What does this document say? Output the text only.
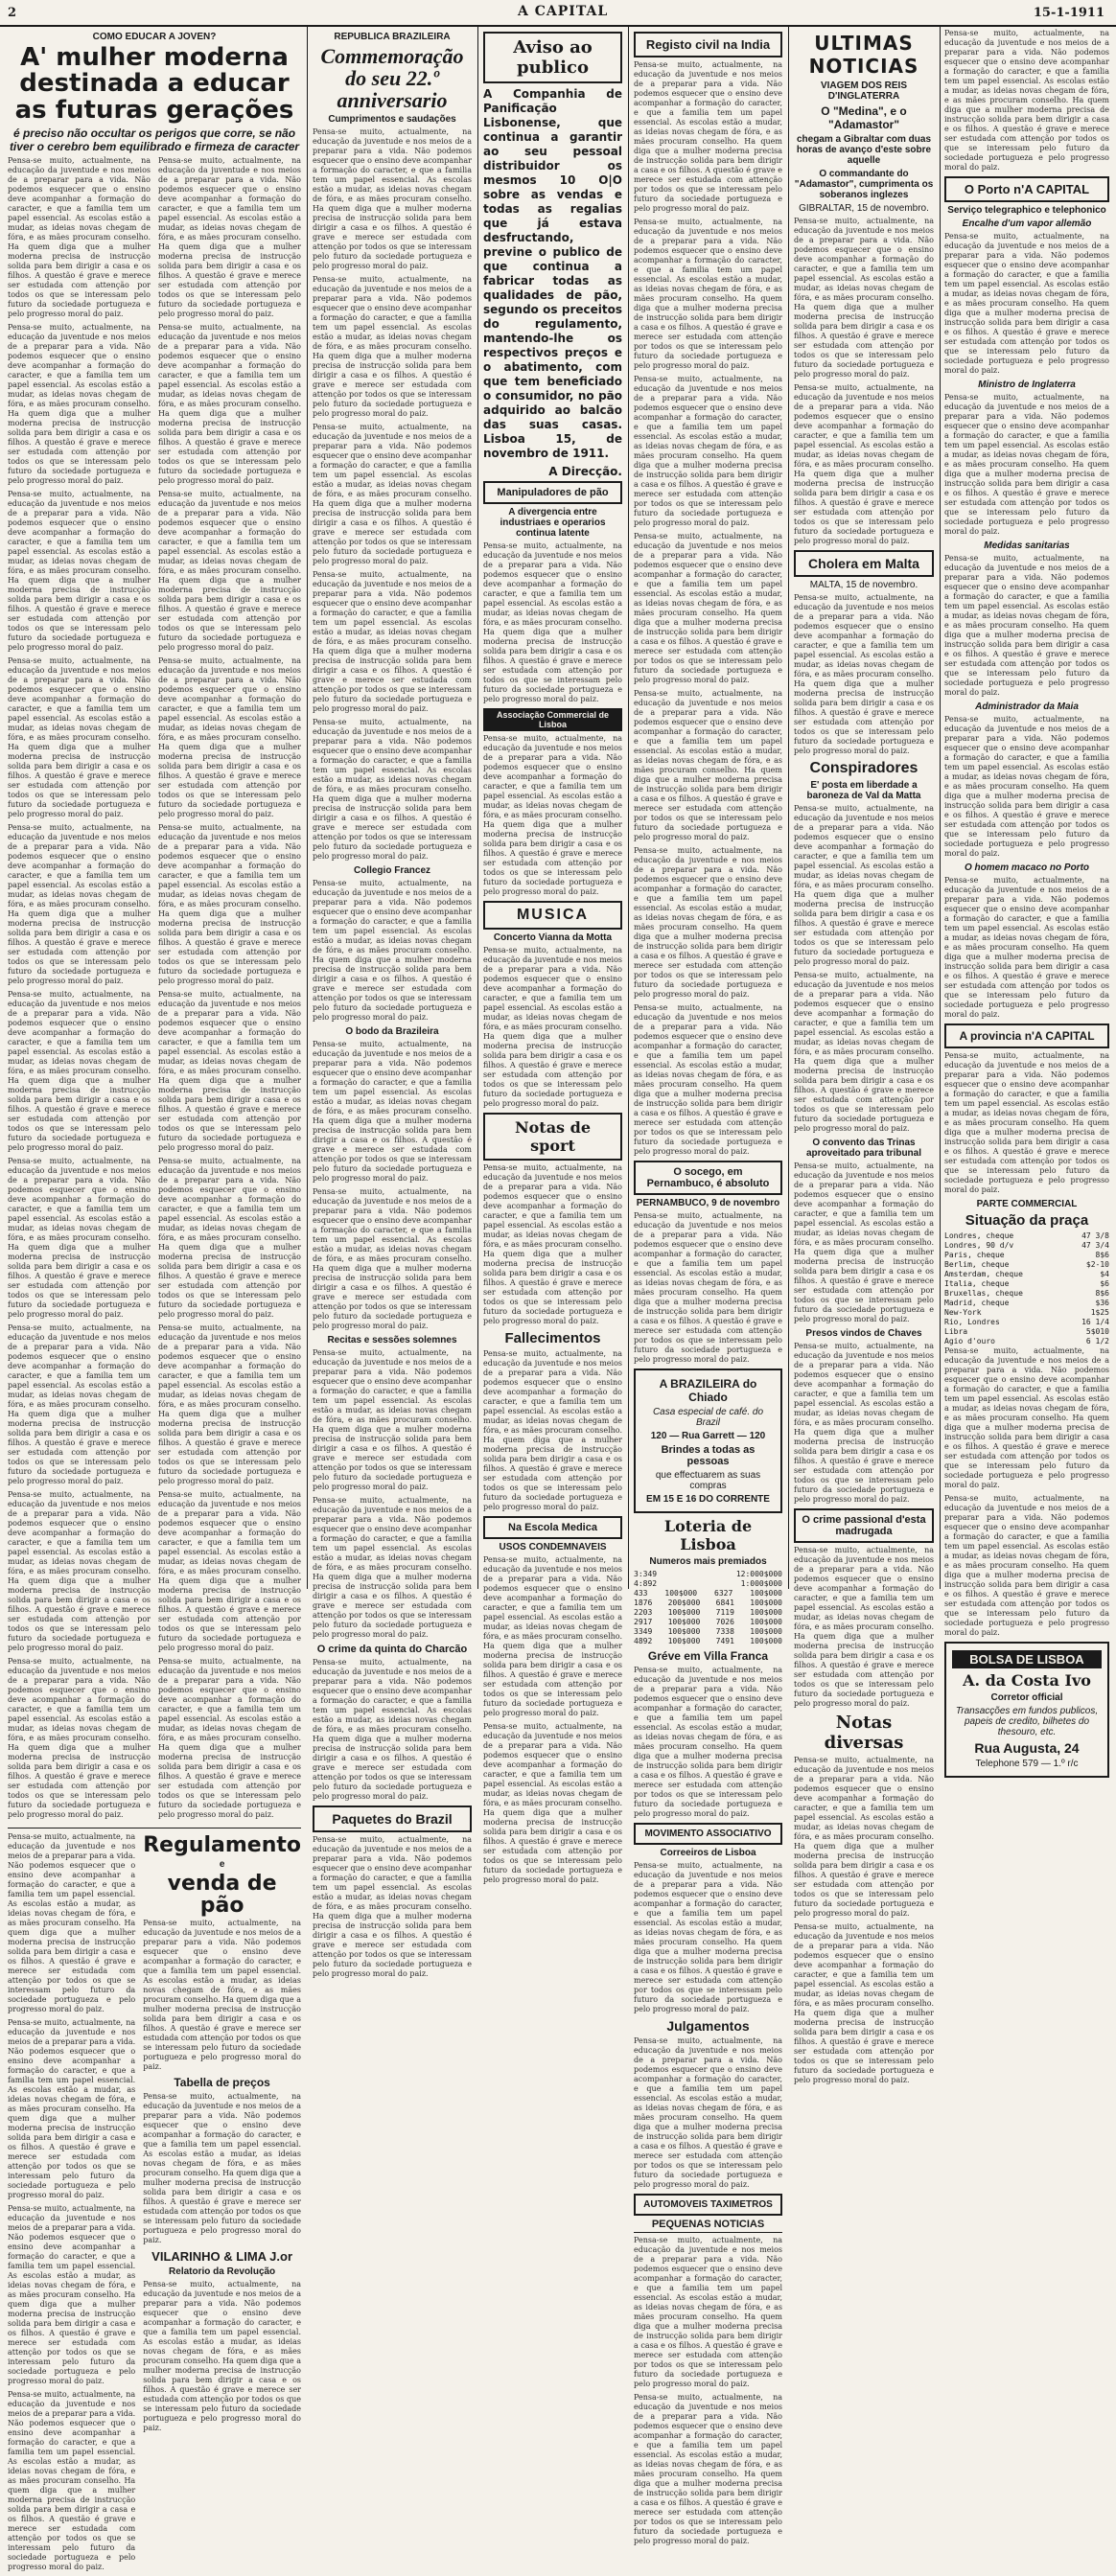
2	A CAPITAL	15-1-1911
COMO EDUCAR A JOVEN?
A' mulher moderna destinada a educar as futuras gerações
é preciso não occultar os perigos que corre, se não tiver o cerebro bem equilibrado e firmeza de caracter

Pensa-se muito, actualmente, na educação da juventude e nos meios de a preparar para a vida. Não podemos esquecer que o ensino deve acompanhar a formação do caracter, e que a familia tem um papel essencial. As escolas estão a mudar, as ideias novas chegam de fóra, e as mães procuram conselho. Ha quem diga que a mulher moderna precisa de instrucção solida para bem dirigir a casa e os filhos. A questão é grave e merece ser estudada com attenção por todos os que se interessam pelo futuro da sociedade portugueza e pelo progresso moral do paiz.

Pensa-se muito, actualmente, na educação da juventude e nos meios de a preparar para a vida. Não podemos esquecer que o ensino deve acompanhar a formação do caracter, e que a familia tem um papel essencial. As escolas estão a mudar, as ideias novas chegam de fóra, e as mães procuram conselho. Ha quem diga que a mulher moderna precisa de instrucção solida para bem dirigir a casa e os filhos. A questão é grave e merece ser estudada com attenção por todos os que se interessam pelo futuro da sociedade portugueza e pelo progresso moral do paiz.

Pensa-se muito, actualmente, na educação da juventude e nos meios de a preparar para a vida. Não podemos esquecer que o ensino deve acompanhar a formação do caracter, e que a familia tem um papel essencial. As escolas estão a mudar, as ideias novas chegam de fóra, e as mães procuram conselho. Ha quem diga que a mulher moderna precisa de instrucção solida para bem dirigir a casa e os filhos. A questão é grave e merece ser estudada com attenção por todos os que se interessam pelo futuro da sociedade portugueza e pelo progresso moral do paiz.

Pensa-se muito, actualmente, na educação da juventude e nos meios de a preparar para a vida. Não podemos esquecer que o ensino deve acompanhar a formação do caracter, e que a familia tem um papel essencial. As escolas estão a mudar, as ideias novas chegam de fóra, e as mães procuram conselho. Ha quem diga que a mulher moderna precisa de instrucção solida para bem dirigir a casa e os filhos. A questão é grave e merece ser estudada com attenção por todos os que se interessam pelo futuro da sociedade portugueza e pelo progresso moral do paiz.

Pensa-se muito, actualmente, na educação da juventude e nos meios de a preparar para a vida. Não podemos esquecer que o ensino deve acompanhar a formação do caracter, e que a familia tem um papel essencial. As escolas estão a mudar, as ideias novas chegam de fóra, e as mães procuram conselho. Ha quem diga que a mulher moderna precisa de instrucção solida para bem dirigir a casa e os filhos. A questão é grave e merece ser estudada com attenção por todos os que se interessam pelo futuro da sociedade portugueza e pelo progresso moral do paiz.

Pensa-se muito, actualmente, na educação da juventude e nos meios de a preparar para a vida. Não podemos esquecer que o ensino deve acompanhar a formação do caracter, e que a familia tem um papel essencial. As escolas estão a mudar, as ideias novas chegam de fóra, e as mães procuram conselho. Ha quem diga que a mulher moderna precisa de instrucção solida para bem dirigir a casa e os filhos. A questão é grave e merece ser estudada com attenção por todos os que se interessam pelo futuro da sociedade portugueza e pelo progresso moral do paiz.

Pensa-se muito, actualmente, na educação da juventude e nos meios de a preparar para a vida. Não podemos esquecer que o ensino deve acompanhar a formação do caracter, e que a familia tem um papel essencial. As escolas estão a mudar, as ideias novas chegam de fóra, e as mães procuram conselho. Ha quem diga que a mulher moderna precisa de instrucção solida para bem dirigir a casa e os filhos. A questão é grave e merece ser estudada com attenção por todos os que se interessam pelo futuro da sociedade portugueza e pelo progresso moral do paiz.

Pensa-se muito, actualmente, na educação da juventude e nos meios de a preparar para a vida. Não podemos esquecer que o ensino deve acompanhar a formação do caracter, e que a familia tem um papel essencial. As escolas estão a mudar, as ideias novas chegam de fóra, e as mães procuram conselho. Ha quem diga que a mulher moderna precisa de instrucção solida para bem dirigir a casa e os filhos. A questão é grave e merece ser estudada com attenção por todos os que se interessam pelo futuro da sociedade portugueza e pelo progresso moral do paiz.

Pensa-se muito, actualmente, na educação da juventude e nos meios de a preparar para a vida. Não podemos esquecer que o ensino deve acompanhar a formação do caracter, e que a familia tem um papel essencial. As escolas estão a mudar, as ideias novas chegam de fóra, e as mães procuram conselho. Ha quem diga que a mulher moderna precisa de instrucção solida para bem dirigir a casa e os filhos. A questão é grave e merece ser estudada com attenção por todos os que se interessam pelo futuro da sociedade portugueza e pelo progresso moral do paiz.

Pensa-se muito, actualmente, na educação da juventude e nos meios de a preparar para a vida. Não podemos esquecer que o ensino deve acompanhar a formação do caracter, e que a familia tem um papel essencial. As escolas estão a mudar, as ideias novas chegam de fóra, e as mães procuram conselho. Ha quem diga que a mulher moderna precisa de instrucção solida para bem dirigir a casa e os filhos. A questão é grave e merece ser estudada com attenção por todos os que se interessam pelo futuro da sociedade portugueza e pelo progresso moral do paiz.

Pensa-se muito, actualmente, na educação da juventude e nos meios de a preparar para a vida. Não podemos esquecer que o ensino deve acompanhar a formação do caracter, e que a familia tem um papel essencial. As escolas estão a mudar, as ideias novas chegam de fóra, e as mães procuram conselho. Ha quem diga que a mulher moderna precisa de instrucção solida para bem dirigir a casa e os filhos. A questão é grave e merece ser estudada com attenção por todos os que se interessam pelo futuro da sociedade portugueza e pelo progresso moral do paiz.

Pensa-se muito, actualmente, na educação da juventude e nos meios de a preparar para a vida. Não podemos esquecer que o ensino deve acompanhar a formação do caracter, e que a familia tem um papel essencial. As escolas estão a mudar, as ideias novas chegam de fóra, e as mães procuram conselho. Ha quem diga que a mulher moderna precisa de instrucção solida para bem dirigir a casa e os filhos. A questão é grave e merece ser estudada com attenção por todos os que se interessam pelo futuro da sociedade portugueza e pelo progresso moral do paiz.

Pensa-se muito, actualmente, na educação da juventude e nos meios de a preparar para a vida. Não podemos esquecer que o ensino deve acompanhar a formação do caracter, e que a familia tem um papel essencial. As escolas estão a mudar, as ideias novas chegam de fóra, e as mães procuram conselho. Ha quem diga que a mulher moderna precisa de instrucção solida para bem dirigir a casa e os filhos. A questão é grave e merece ser estudada com attenção por todos os que se interessam pelo futuro da sociedade portugueza e pelo progresso moral do paiz.

Pensa-se muito, actualmente, na educação da juventude e nos meios de a preparar para a vida. Não podemos esquecer que o ensino deve acompanhar a formação do caracter, e que a familia tem um papel essencial. As escolas estão a mudar, as ideias novas chegam de fóra, e as mães procuram conselho. Ha quem diga que a mulher moderna precisa de instrucção solida para bem dirigir a casa e os filhos. A questão é grave e merece ser estudada com attenção por todos os que se interessam pelo futuro da sociedade portugueza e pelo progresso moral do paiz.

Pensa-se muito, actualmente, na educação da juventude e nos meios de a preparar para a vida. Não podemos esquecer que o ensino deve acompanhar a formação do caracter, e que a familia tem um papel essencial. As escolas estão a mudar, as ideias novas chegam de fóra, e as mães procuram conselho. Ha quem diga que a mulher moderna precisa de instrucção solida para bem dirigir a casa e os filhos. A questão é grave e merece ser estudada com attenção por todos os que se interessam pelo futuro da sociedade portugueza e pelo progresso moral do paiz.

Pensa-se muito, actualmente, na educação da juventude e nos meios de a preparar para a vida. Não podemos esquecer que o ensino deve acompanhar a formação do caracter, e que a familia tem um papel essencial. As escolas estão a mudar, as ideias novas chegam de fóra, e as mães procuram conselho. Ha quem diga que a mulher moderna precisa de instrucção solida para bem dirigir a casa e os filhos. A questão é grave e merece ser estudada com attenção por todos os que se interessam pelo futuro da sociedade portugueza e pelo progresso moral do paiz.

Pensa-se muito, actualmente, na educação da juventude e nos meios de a preparar para a vida. Não podemos esquecer que o ensino deve acompanhar a formação do caracter, e que a familia tem um papel essencial. As escolas estão a mudar, as ideias novas chegam de fóra, e as mães procuram conselho. Ha quem diga que a mulher moderna precisa de instrucção solida para bem dirigir a casa e os filhos. A questão é grave e merece ser estudada com attenção por todos os que se interessam pelo futuro da sociedade portugueza e pelo progresso moral do paiz.

Pensa-se muito, actualmente, na educação da juventude e nos meios de a preparar para a vida. Não podemos esquecer que o ensino deve acompanhar a formação do caracter, e que a familia tem um papel essencial. As escolas estão a mudar, as ideias novas chegam de fóra, e as mães procuram conselho. Ha quem diga que a mulher moderna precisa de instrucção solida para bem dirigir a casa e os filhos. A questão é grave e merece ser estudada com attenção por todos os que se interessam pelo futuro da sociedade portugueza e pelo progresso moral do paiz.

Pensa-se muito, actualmente, na educação da juventude e nos meios de a preparar para a vida. Não podemos esquecer que o ensino deve acompanhar a formação do caracter, e que a familia tem um papel essencial. As escolas estão a mudar, as ideias novas chegam de fóra, e as mães procuram conselho. Ha quem diga que a mulher moderna precisa de instrucção solida para bem dirigir a casa e os filhos. A questão é grave e merece ser estudada com attenção por todos os que se interessam pelo futuro da sociedade portugueza e pelo progresso moral do paiz.

Pensa-se muito, actualmente, na educação da juventude e nos meios de a preparar para a vida. Não podemos esquecer que o ensino deve acompanhar a formação do caracter, e que a familia tem um papel essencial. As escolas estão a mudar, as ideias novas chegam de fóra, e as mães procuram conselho. Ha quem diga que a mulher moderna precisa de instrucção solida para bem dirigir a casa e os filhos. A questão é grave e merece ser estudada com attenção por todos os que se interessam pelo futuro da sociedade portugueza e pelo progresso moral do paiz.

Pensa-se muito, actualmente, na educação da juventude e nos meios de a preparar para a vida. Não podemos esquecer que o ensino deve acompanhar a formação do caracter, e que a familia tem um papel essencial. As escolas estão a mudar, as ideias novas chegam de fóra, e as mães procuram conselho. Ha quem diga que a mulher moderna precisa de instrucção solida para bem dirigir a casa e os filhos. A questão é grave e merece ser estudada com attenção por todos os que se interessam pelo futuro da sociedade portugueza e pelo progresso moral do paiz.

Pensa-se muito, actualmente, na educação da juventude e nos meios de a preparar para a vida. Não podemos esquecer que o ensino deve acompanhar a formação do caracter, e que a familia tem um papel essencial. As escolas estão a mudar, as ideias novas chegam de fóra, e as mães procuram conselho. Ha quem diga que a mulher moderna precisa de instrucção solida para bem dirigir a casa e os filhos. A questão é grave e merece ser estudada com attenção por todos os que se interessam pelo futuro da sociedade portugueza e pelo progresso moral do paiz.

Pensa-se muito, actualmente, na educação da juventude e nos meios de a preparar para a vida. Não podemos esquecer que o ensino deve acompanhar a formação do caracter, e que a familia tem um papel essencial. As escolas estão a mudar, as ideias novas chegam de fóra, e as mães procuram conselho. Ha quem diga que a mulher moderna precisa de instrucção solida para bem dirigir a casa e os filhos. A questão é grave e merece ser estudada com attenção por todos os que se interessam pelo futuro da sociedade portugueza e pelo progresso moral do paiz.

Pensa-se muito, actualmente, na educação da juventude e nos meios de a preparar para a vida. Não podemos esquecer que o ensino deve acompanhar a formação do caracter, e que a familia tem um papel essencial. As escolas estão a mudar, as ideias novas chegam de fóra, e as mães procuram conselho. Ha quem diga que a mulher moderna precisa de instrucção solida para bem dirigir a casa e os filhos. A questão é grave e merece ser estudada com attenção por todos os que se interessam pelo futuro da sociedade portugueza e pelo progresso moral do paiz.

Regulamento
e
venda de pão

Pensa-se muito, actualmente, na educação da juventude e nos meios de a preparar para a vida. Não podemos esquecer que o ensino deve acompanhar a formação do caracter, e que a familia tem um papel essencial. As escolas estão a mudar, as ideias novas chegam de fóra, e as mães procuram conselho. Ha quem diga que a mulher moderna precisa de instrucção solida para bem dirigir a casa e os filhos. A questão é grave e merece ser estudada com attenção por todos os que se interessam pelo futuro da sociedade portugueza e pelo progresso moral do paiz.

Tabella de preços

Pensa-se muito, actualmente, na educação da juventude e nos meios de a preparar para a vida. Não podemos esquecer que o ensino deve acompanhar a formação do caracter, e que a familia tem um papel essencial. As escolas estão a mudar, as ideias novas chegam de fóra, e as mães procuram conselho. Ha quem diga que a mulher moderna precisa de instrucção solida para bem dirigir a casa e os filhos. A questão é grave e merece ser estudada com attenção por todos os que se interessam pelo futuro da sociedade portugueza e pelo progresso moral do paiz.

VILARINHO & LIMA J.or
Relatorio da Revolução

Pensa-se muito, actualmente, na educação da juventude e nos meios de a preparar para a vida. Não podemos esquecer que o ensino deve acompanhar a formação do caracter, e que a familia tem um papel essencial. As escolas estão a mudar, as ideias novas chegam de fóra, e as mães procuram conselho. Ha quem diga que a mulher moderna precisa de instrucção solida para bem dirigir a casa e os filhos. A questão é grave e merece ser estudada com attenção por todos os que se interessam pelo futuro da sociedade portugueza e pelo progresso moral do paiz.

REPUBLICA BRAZILEIRA
Commemoração do seu 22.º anniversario
Cumprimentos e saudações

Pensa-se muito, actualmente, na educação da juventude e nos meios de a preparar para a vida. Não podemos esquecer que o ensino deve acompanhar a formação do caracter, e que a familia tem um papel essencial. As escolas estão a mudar, as ideias novas chegam de fóra, e as mães procuram conselho. Ha quem diga que a mulher moderna precisa de instrucção solida para bem dirigir a casa e os filhos. A questão é grave e merece ser estudada com attenção por todos os que se interessam pelo futuro da sociedade portugueza e pelo progresso moral do paiz.

Pensa-se muito, actualmente, na educação da juventude e nos meios de a preparar para a vida. Não podemos esquecer que o ensino deve acompanhar a formação do caracter, e que a familia tem um papel essencial. As escolas estão a mudar, as ideias novas chegam de fóra, e as mães procuram conselho. Ha quem diga que a mulher moderna precisa de instrucção solida para bem dirigir a casa e os filhos. A questão é grave e merece ser estudada com attenção por todos os que se interessam pelo futuro da sociedade portugueza e pelo progresso moral do paiz.

Pensa-se muito, actualmente, na educação da juventude e nos meios de a preparar para a vida. Não podemos esquecer que o ensino deve acompanhar a formação do caracter, e que a familia tem um papel essencial. As escolas estão a mudar, as ideias novas chegam de fóra, e as mães procuram conselho. Ha quem diga que a mulher moderna precisa de instrucção solida para bem dirigir a casa e os filhos. A questão é grave e merece ser estudada com attenção por todos os que se interessam pelo futuro da sociedade portugueza e pelo progresso moral do paiz.

Pensa-se muito, actualmente, na educação da juventude e nos meios de a preparar para a vida. Não podemos esquecer que o ensino deve acompanhar a formação do caracter, e que a familia tem um papel essencial. As escolas estão a mudar, as ideias novas chegam de fóra, e as mães procuram conselho. Ha quem diga que a mulher moderna precisa de instrucção solida para bem dirigir a casa e os filhos. A questão é grave e merece ser estudada com attenção por todos os que se interessam pelo futuro da sociedade portugueza e pelo progresso moral do paiz.

Pensa-se muito, actualmente, na educação da juventude e nos meios de a preparar para a vida. Não podemos esquecer que o ensino deve acompanhar a formação do caracter, e que a familia tem um papel essencial. As escolas estão a mudar, as ideias novas chegam de fóra, e as mães procuram conselho. Ha quem diga que a mulher moderna precisa de instrucção solida para bem dirigir a casa e os filhos. A questão é grave e merece ser estudada com attenção por todos os que se interessam pelo futuro da sociedade portugueza e pelo progresso moral do paiz.

Collegio Francez

Pensa-se muito, actualmente, na educação da juventude e nos meios de a preparar para a vida. Não podemos esquecer que o ensino deve acompanhar a formação do caracter, e que a familia tem um papel essencial. As escolas estão a mudar, as ideias novas chegam de fóra, e as mães procuram conselho. Ha quem diga que a mulher moderna precisa de instrucção solida para bem dirigir a casa e os filhos. A questão é grave e merece ser estudada com attenção por todos os que se interessam pelo futuro da sociedade portugueza e pelo progresso moral do paiz.

O bodo da Brazileira

Pensa-se muito, actualmente, na educação da juventude e nos meios de a preparar para a vida. Não podemos esquecer que o ensino deve acompanhar a formação do caracter, e que a familia tem um papel essencial. As escolas estão a mudar, as ideias novas chegam de fóra, e as mães procuram conselho. Ha quem diga que a mulher moderna precisa de instrucção solida para bem dirigir a casa e os filhos. A questão é grave e merece ser estudada com attenção por todos os que se interessam pelo futuro da sociedade portugueza e pelo progresso moral do paiz.

Pensa-se muito, actualmente, na educação da juventude e nos meios de a preparar para a vida. Não podemos esquecer que o ensino deve acompanhar a formação do caracter, e que a familia tem um papel essencial. As escolas estão a mudar, as ideias novas chegam de fóra, e as mães procuram conselho. Ha quem diga que a mulher moderna precisa de instrucção solida para bem dirigir a casa e os filhos. A questão é grave e merece ser estudada com attenção por todos os que se interessam pelo futuro da sociedade portugueza e pelo progresso moral do paiz.

Recitas e sessões solemnes

Pensa-se muito, actualmente, na educação da juventude e nos meios de a preparar para a vida. Não podemos esquecer que o ensino deve acompanhar a formação do caracter, e que a familia tem um papel essencial. As escolas estão a mudar, as ideias novas chegam de fóra, e as mães procuram conselho. Ha quem diga que a mulher moderna precisa de instrucção solida para bem dirigir a casa e os filhos. A questão é grave e merece ser estudada com attenção por todos os que se interessam pelo futuro da sociedade portugueza e pelo progresso moral do paiz.

Pensa-se muito, actualmente, na educação da juventude e nos meios de a preparar para a vida. Não podemos esquecer que o ensino deve acompanhar a formação do caracter, e que a familia tem um papel essencial. As escolas estão a mudar, as ideias novas chegam de fóra, e as mães procuram conselho. Ha quem diga que a mulher moderna precisa de instrucção solida para bem dirigir a casa e os filhos. A questão é grave e merece ser estudada com attenção por todos os que se interessam pelo futuro da sociedade portugueza e pelo progresso moral do paiz.

O crime da quinta do Charcão

Pensa-se muito, actualmente, na educação da juventude e nos meios de a preparar para a vida. Não podemos esquecer que o ensino deve acompanhar a formação do caracter, e que a familia tem um papel essencial. As escolas estão a mudar, as ideias novas chegam de fóra, e as mães procuram conselho. Ha quem diga que a mulher moderna precisa de instrucção solida para bem dirigir a casa e os filhos. A questão é grave e merece ser estudada com attenção por todos os que se interessam pelo futuro da sociedade portugueza e pelo progresso moral do paiz.

Paquetes do Brazil

Pensa-se muito, actualmente, na educação da juventude e nos meios de a preparar para a vida. Não podemos esquecer que o ensino deve acompanhar a formação do caracter, e que a familia tem um papel essencial. As escolas estão a mudar, as ideias novas chegam de fóra, e as mães procuram conselho. Ha quem diga que a mulher moderna precisa de instrucção solida para bem dirigir a casa e os filhos. A questão é grave e merece ser estudada com attenção por todos os que se interessam pelo futuro da sociedade portugueza e pelo progresso moral do paiz.

Aviso ao publico
A Companhia de Panificação Lisbonense, que continua a garantir ao seu pessoal distribuidor os mesmos 10 O|O sobre as vendas e todas as regalias que já estava desfructando, previne o publico de que continua a fabricar todas as qualidades de pão, segundo os preceitos do regulamento, mantendo-lhe os respectivos preços e o abatimento, com que tem beneficiado o consumidor, no pão adquirido ao balcão das suas casas. Lisboa 15, de novembro de 1911.
A Direcção.
Manipuladores de pão
A divergencia entre industriaes e operarios continua latente

Pensa-se muito, actualmente, na educação da juventude e nos meios de a preparar para a vida. Não podemos esquecer que o ensino deve acompanhar a formação do caracter, e que a familia tem um papel essencial. As escolas estão a mudar, as ideias novas chegam de fóra, e as mães procuram conselho. Ha quem diga que a mulher moderna precisa de instrucção solida para bem dirigir a casa e os filhos. A questão é grave e merece ser estudada com attenção por todos os que se interessam pelo futuro da sociedade portugueza e pelo progresso moral do paiz.

Associação Commercial de Lisboa

Pensa-se muito, actualmente, na educação da juventude e nos meios de a preparar para a vida. Não podemos esquecer que o ensino deve acompanhar a formação do caracter, e que a familia tem um papel essencial. As escolas estão a mudar, as ideias novas chegam de fóra, e as mães procuram conselho. Ha quem diga que a mulher moderna precisa de instrucção solida para bem dirigir a casa e os filhos. A questão é grave e merece ser estudada com attenção por todos os que se interessam pelo futuro da sociedade portugueza e pelo progresso moral do paiz.

MUSICA
Concerto Vianna da Motta

Pensa-se muito, actualmente, na educação da juventude e nos meios de a preparar para a vida. Não podemos esquecer que o ensino deve acompanhar a formação do caracter, e que a familia tem um papel essencial. As escolas estão a mudar, as ideias novas chegam de fóra, e as mães procuram conselho. Ha quem diga que a mulher moderna precisa de instrucção solida para bem dirigir a casa e os filhos. A questão é grave e merece ser estudada com attenção por todos os que se interessam pelo futuro da sociedade portugueza e pelo progresso moral do paiz.

Notas de sport

Pensa-se muito, actualmente, na educação da juventude e nos meios de a preparar para a vida. Não podemos esquecer que o ensino deve acompanhar a formação do caracter, e que a familia tem um papel essencial. As escolas estão a mudar, as ideias novas chegam de fóra, e as mães procuram conselho. Ha quem diga que a mulher moderna precisa de instrucção solida para bem dirigir a casa e os filhos. A questão é grave e merece ser estudada com attenção por todos os que se interessam pelo futuro da sociedade portugueza e pelo progresso moral do paiz.

Fallecimentos

Pensa-se muito, actualmente, na educação da juventude e nos meios de a preparar para a vida. Não podemos esquecer que o ensino deve acompanhar a formação do caracter, e que a familia tem um papel essencial. As escolas estão a mudar, as ideias novas chegam de fóra, e as mães procuram conselho. Ha quem diga que a mulher moderna precisa de instrucção solida para bem dirigir a casa e os filhos. A questão é grave e merece ser estudada com attenção por todos os que se interessam pelo futuro da sociedade portugueza e pelo progresso moral do paiz.

Na Escola Medica
USOS CONDEMNAVEIS

Pensa-se muito, actualmente, na educação da juventude e nos meios de a preparar para a vida. Não podemos esquecer que o ensino deve acompanhar a formação do caracter, e que a familia tem um papel essencial. As escolas estão a mudar, as ideias novas chegam de fóra, e as mães procuram conselho. Ha quem diga que a mulher moderna precisa de instrucção solida para bem dirigir a casa e os filhos. A questão é grave e merece ser estudada com attenção por todos os que se interessam pelo futuro da sociedade portugueza e pelo progresso moral do paiz.

Pensa-se muito, actualmente, na educação da juventude e nos meios de a preparar para a vida. Não podemos esquecer que o ensino deve acompanhar a formação do caracter, e que a familia tem um papel essencial. As escolas estão a mudar, as ideias novas chegam de fóra, e as mães procuram conselho. Ha quem diga que a mulher moderna precisa de instrucção solida para bem dirigir a casa e os filhos. A questão é grave e merece ser estudada com attenção por todos os que se interessam pelo futuro da sociedade portugueza e pelo progresso moral do paiz.

Registo civil na India

Pensa-se muito, actualmente, na educação da juventude e nos meios de a preparar para a vida. Não podemos esquecer que o ensino deve acompanhar a formação do caracter, e que a familia tem um papel essencial. As escolas estão a mudar, as ideias novas chegam de fóra, e as mães procuram conselho. Ha quem diga que a mulher moderna precisa de instrucção solida para bem dirigir a casa e os filhos. A questão é grave e merece ser estudada com attenção por todos os que se interessam pelo futuro da sociedade portugueza e pelo progresso moral do paiz.

Pensa-se muito, actualmente, na educação da juventude e nos meios de a preparar para a vida. Não podemos esquecer que o ensino deve acompanhar a formação do caracter, e que a familia tem um papel essencial. As escolas estão a mudar, as ideias novas chegam de fóra, e as mães procuram conselho. Ha quem diga que a mulher moderna precisa de instrucção solida para bem dirigir a casa e os filhos. A questão é grave e merece ser estudada com attenção por todos os que se interessam pelo futuro da sociedade portugueza e pelo progresso moral do paiz.

Pensa-se muito, actualmente, na educação da juventude e nos meios de a preparar para a vida. Não podemos esquecer que o ensino deve acompanhar a formação do caracter, e que a familia tem um papel essencial. As escolas estão a mudar, as ideias novas chegam de fóra, e as mães procuram conselho. Ha quem diga que a mulher moderna precisa de instrucção solida para bem dirigir a casa e os filhos. A questão é grave e merece ser estudada com attenção por todos os que se interessam pelo futuro da sociedade portugueza e pelo progresso moral do paiz.

Pensa-se muito, actualmente, na educação da juventude e nos meios de a preparar para a vida. Não podemos esquecer que o ensino deve acompanhar a formação do caracter, e que a familia tem um papel essencial. As escolas estão a mudar, as ideias novas chegam de fóra, e as mães procuram conselho. Ha quem diga que a mulher moderna precisa de instrucção solida para bem dirigir a casa e os filhos. A questão é grave e merece ser estudada com attenção por todos os que se interessam pelo futuro da sociedade portugueza e pelo progresso moral do paiz.

Pensa-se muito, actualmente, na educação da juventude e nos meios de a preparar para a vida. Não podemos esquecer que o ensino deve acompanhar a formação do caracter, e que a familia tem um papel essencial. As escolas estão a mudar, as ideias novas chegam de fóra, e as mães procuram conselho. Ha quem diga que a mulher moderna precisa de instrucção solida para bem dirigir a casa e os filhos. A questão é grave e merece ser estudada com attenção por todos os que se interessam pelo futuro da sociedade portugueza e pelo progresso moral do paiz.

Pensa-se muito, actualmente, na educação da juventude e nos meios de a preparar para a vida. Não podemos esquecer que o ensino deve acompanhar a formação do caracter, e que a familia tem um papel essencial. As escolas estão a mudar, as ideias novas chegam de fóra, e as mães procuram conselho. Ha quem diga que a mulher moderna precisa de instrucção solida para bem dirigir a casa e os filhos. A questão é grave e merece ser estudada com attenção por todos os que se interessam pelo futuro da sociedade portugueza e pelo progresso moral do paiz.

Pensa-se muito, actualmente, na educação da juventude e nos meios de a preparar para a vida. Não podemos esquecer que o ensino deve acompanhar a formação do caracter, e que a familia tem um papel essencial. As escolas estão a mudar, as ideias novas chegam de fóra, e as mães procuram conselho. Ha quem diga que a mulher moderna precisa de instrucção solida para bem dirigir a casa e os filhos. A questão é grave e merece ser estudada com attenção por todos os que se interessam pelo futuro da sociedade portugueza e pelo progresso moral do paiz.

O socego, em Pernambuco, é absoluto
PERNAMBUCO, 9 de novembro

Pensa-se muito, actualmente, na educação da juventude e nos meios de a preparar para a vida. Não podemos esquecer que o ensino deve acompanhar a formação do caracter, e que a familia tem um papel essencial. As escolas estão a mudar, as ideias novas chegam de fóra, e as mães procuram conselho. Ha quem diga que a mulher moderna precisa de instrucção solida para bem dirigir a casa e os filhos. A questão é grave e merece ser estudada com attenção por todos os que se interessam pelo futuro da sociedade portugueza e pelo progresso moral do paiz.

A BRAZILEIRA do Chiado
Casa especial de café. do Brazil
120 — Rua Garrett — 120
Brindes a todas as pessoas
que effectuarem as suas compras
EM 15 E 16 DO CORRENTE
Loteria de Lisboa
Numeros mais premiados
3:349	12:000$000
4:892	1:000$000
433 100$000 6327 100$000
1876 200$000 6841 100$000
2203 100$000 7119 100$000
2917 100$000 7026 100$000
3349 100$000 7338 100$000
4892 100$000 7491 100$000
Gréve em Villa Franca

Pensa-se muito, actualmente, na educação da juventude e nos meios de a preparar para a vida. Não podemos esquecer que o ensino deve acompanhar a formação do caracter, e que a familia tem um papel essencial. As escolas estão a mudar, as ideias novas chegam de fóra, e as mães procuram conselho. Ha quem diga que a mulher moderna precisa de instrucção solida para bem dirigir a casa e os filhos. A questão é grave e merece ser estudada com attenção por todos os que se interessam pelo futuro da sociedade portugueza e pelo progresso moral do paiz.

MOVIMENTO ASSOCIATIVO
Correeiros de Lisboa

Pensa-se muito, actualmente, na educação da juventude e nos meios de a preparar para a vida. Não podemos esquecer que o ensino deve acompanhar a formação do caracter, e que a familia tem um papel essencial. As escolas estão a mudar, as ideias novas chegam de fóra, e as mães procuram conselho. Ha quem diga que a mulher moderna precisa de instrucção solida para bem dirigir a casa e os filhos. A questão é grave e merece ser estudada com attenção por todos os que se interessam pelo futuro da sociedade portugueza e pelo progresso moral do paiz.

Julgamentos

Pensa-se muito, actualmente, na educação da juventude e nos meios de a preparar para a vida. Não podemos esquecer que o ensino deve acompanhar a formação do caracter, e que a familia tem um papel essencial. As escolas estão a mudar, as ideias novas chegam de fóra, e as mães procuram conselho. Ha quem diga que a mulher moderna precisa de instrucção solida para bem dirigir a casa e os filhos. A questão é grave e merece ser estudada com attenção por todos os que se interessam pelo futuro da sociedade portugueza e pelo progresso moral do paiz.

AUTOMOVEIS TAXIMETROS
PEQUENAS NOTICIAS

Pensa-se muito, actualmente, na educação da juventude e nos meios de a preparar para a vida. Não podemos esquecer que o ensino deve acompanhar a formação do caracter, e que a familia tem um papel essencial. As escolas estão a mudar, as ideias novas chegam de fóra, e as mães procuram conselho. Ha quem diga que a mulher moderna precisa de instrucção solida para bem dirigir a casa e os filhos. A questão é grave e merece ser estudada com attenção por todos os que se interessam pelo futuro da sociedade portugueza e pelo progresso moral do paiz.

Pensa-se muito, actualmente, na educação da juventude e nos meios de a preparar para a vida. Não podemos esquecer que o ensino deve acompanhar a formação do caracter, e que a familia tem um papel essencial. As escolas estão a mudar, as ideias novas chegam de fóra, e as mães procuram conselho. Ha quem diga que a mulher moderna precisa de instrucção solida para bem dirigir a casa e os filhos. A questão é grave e merece ser estudada com attenção por todos os que se interessam pelo futuro da sociedade portugueza e pelo progresso moral do paiz.

ULTIMAS NOTICIAS
VIAGEM DOS REIS D'INGLATERRA
O "Medina", e o "Adamastor"
chegam a Gibraltar com duas horas de avanço d'este sobre aquelle
O commandante do "Adamastor", cumprimenta os soberanos inglezes
GIBRALTAR, 15 de novembro.

Pensa-se muito, actualmente, na educação da juventude e nos meios de a preparar para a vida. Não podemos esquecer que o ensino deve acompanhar a formação do caracter, e que a familia tem um papel essencial. As escolas estão a mudar, as ideias novas chegam de fóra, e as mães procuram conselho. Ha quem diga que a mulher moderna precisa de instrucção solida para bem dirigir a casa e os filhos. A questão é grave e merece ser estudada com attenção por todos os que se interessam pelo futuro da sociedade portugueza e pelo progresso moral do paiz.

Pensa-se muito, actualmente, na educação da juventude e nos meios de a preparar para a vida. Não podemos esquecer que o ensino deve acompanhar a formação do caracter, e que a familia tem um papel essencial. As escolas estão a mudar, as ideias novas chegam de fóra, e as mães procuram conselho. Ha quem diga que a mulher moderna precisa de instrucção solida para bem dirigir a casa e os filhos. A questão é grave e merece ser estudada com attenção por todos os que se interessam pelo futuro da sociedade portugueza e pelo progresso moral do paiz.

Cholera em Malta
MALTA, 15 de novembro.

Pensa-se muito, actualmente, na educação da juventude e nos meios de a preparar para a vida. Não podemos esquecer que o ensino deve acompanhar a formação do caracter, e que a familia tem um papel essencial. As escolas estão a mudar, as ideias novas chegam de fóra, e as mães procuram conselho. Ha quem diga que a mulher moderna precisa de instrucção solida para bem dirigir a casa e os filhos. A questão é grave e merece ser estudada com attenção por todos os que se interessam pelo futuro da sociedade portugueza e pelo progresso moral do paiz.

Conspiradores
E' posta em liberdade a baroneza de Val da Matta

Pensa-se muito, actualmente, na educação da juventude e nos meios de a preparar para a vida. Não podemos esquecer que o ensino deve acompanhar a formação do caracter, e que a familia tem um papel essencial. As escolas estão a mudar, as ideias novas chegam de fóra, e as mães procuram conselho. Ha quem diga que a mulher moderna precisa de instrucção solida para bem dirigir a casa e os filhos. A questão é grave e merece ser estudada com attenção por todos os que se interessam pelo futuro da sociedade portugueza e pelo progresso moral do paiz.

Pensa-se muito, actualmente, na educação da juventude e nos meios de a preparar para a vida. Não podemos esquecer que o ensino deve acompanhar a formação do caracter, e que a familia tem um papel essencial. As escolas estão a mudar, as ideias novas chegam de fóra, e as mães procuram conselho. Ha quem diga que a mulher moderna precisa de instrucção solida para bem dirigir a casa e os filhos. A questão é grave e merece ser estudada com attenção por todos os que se interessam pelo futuro da sociedade portugueza e pelo progresso moral do paiz.

O convento das Trinas aproveitado para tribunal

Pensa-se muito, actualmente, na educação da juventude e nos meios de a preparar para a vida. Não podemos esquecer que o ensino deve acompanhar a formação do caracter, e que a familia tem um papel essencial. As escolas estão a mudar, as ideias novas chegam de fóra, e as mães procuram conselho. Ha quem diga que a mulher moderna precisa de instrucção solida para bem dirigir a casa e os filhos. A questão é grave e merece ser estudada com attenção por todos os que se interessam pelo futuro da sociedade portugueza e pelo progresso moral do paiz.

Presos vindos de Chaves

Pensa-se muito, actualmente, na educação da juventude e nos meios de a preparar para a vida. Não podemos esquecer que o ensino deve acompanhar a formação do caracter, e que a familia tem um papel essencial. As escolas estão a mudar, as ideias novas chegam de fóra, e as mães procuram conselho. Ha quem diga que a mulher moderna precisa de instrucção solida para bem dirigir a casa e os filhos. A questão é grave e merece ser estudada com attenção por todos os que se interessam pelo futuro da sociedade portugueza e pelo progresso moral do paiz.

O crime passional d'esta madrugada

Pensa-se muito, actualmente, na educação da juventude e nos meios de a preparar para a vida. Não podemos esquecer que o ensino deve acompanhar a formação do caracter, e que a familia tem um papel essencial. As escolas estão a mudar, as ideias novas chegam de fóra, e as mães procuram conselho. Ha quem diga que a mulher moderna precisa de instrucção solida para bem dirigir a casa e os filhos. A questão é grave e merece ser estudada com attenção por todos os que se interessam pelo futuro da sociedade portugueza e pelo progresso moral do paiz.

Notas diversas

Pensa-se muito, actualmente, na educação da juventude e nos meios de a preparar para a vida. Não podemos esquecer que o ensino deve acompanhar a formação do caracter, e que a familia tem um papel essencial. As escolas estão a mudar, as ideias novas chegam de fóra, e as mães procuram conselho. Ha quem diga que a mulher moderna precisa de instrucção solida para bem dirigir a casa e os filhos. A questão é grave e merece ser estudada com attenção por todos os que se interessam pelo futuro da sociedade portugueza e pelo progresso moral do paiz.

Pensa-se muito, actualmente, na educação da juventude e nos meios de a preparar para a vida. Não podemos esquecer que o ensino deve acompanhar a formação do caracter, e que a familia tem um papel essencial. As escolas estão a mudar, as ideias novas chegam de fóra, e as mães procuram conselho. Ha quem diga que a mulher moderna precisa de instrucção solida para bem dirigir a casa e os filhos. A questão é grave e merece ser estudada com attenção por todos os que se interessam pelo futuro da sociedade portugueza e pelo progresso moral do paiz.

Pensa-se muito, actualmente, na educação da juventude e nos meios de a preparar para a vida. Não podemos esquecer que o ensino deve acompanhar a formação do caracter, e que a familia tem um papel essencial. As escolas estão a mudar, as ideias novas chegam de fóra, e as mães procuram conselho. Ha quem diga que a mulher moderna precisa de instrucção solida para bem dirigir a casa e os filhos. A questão é grave e merece ser estudada com attenção por todos os que se interessam pelo futuro da sociedade portugueza e pelo progresso moral do paiz.

O Porto n'A CAPITAL
Serviço telegraphico e telephonico
Encalhe d'um vapor allemão

Pensa-se muito, actualmente, na educação da juventude e nos meios de a preparar para a vida. Não podemos esquecer que o ensino deve acompanhar a formação do caracter, e que a familia tem um papel essencial. As escolas estão a mudar, as ideias novas chegam de fóra, e as mães procuram conselho. Ha quem diga que a mulher moderna precisa de instrucção solida para bem dirigir a casa e os filhos. A questão é grave e merece ser estudada com attenção por todos os que se interessam pelo futuro da sociedade portugueza e pelo progresso moral do paiz.

Ministro de Inglaterra

Pensa-se muito, actualmente, na educação da juventude e nos meios de a preparar para a vida. Não podemos esquecer que o ensino deve acompanhar a formação do caracter, e que a familia tem um papel essencial. As escolas estão a mudar, as ideias novas chegam de fóra, e as mães procuram conselho. Ha quem diga que a mulher moderna precisa de instrucção solida para bem dirigir a casa e os filhos. A questão é grave e merece ser estudada com attenção por todos os que se interessam pelo futuro da sociedade portugueza e pelo progresso moral do paiz.

Medidas sanitarias

Pensa-se muito, actualmente, na educação da juventude e nos meios de a preparar para a vida. Não podemos esquecer que o ensino deve acompanhar a formação do caracter, e que a familia tem um papel essencial. As escolas estão a mudar, as ideias novas chegam de fóra, e as mães procuram conselho. Ha quem diga que a mulher moderna precisa de instrucção solida para bem dirigir a casa e os filhos. A questão é grave e merece ser estudada com attenção por todos os que se interessam pelo futuro da sociedade portugueza e pelo progresso moral do paiz.

Administrador da Maia

Pensa-se muito, actualmente, na educação da juventude e nos meios de a preparar para a vida. Não podemos esquecer que o ensino deve acompanhar a formação do caracter, e que a familia tem um papel essencial. As escolas estão a mudar, as ideias novas chegam de fóra, e as mães procuram conselho. Ha quem diga que a mulher moderna precisa de instrucção solida para bem dirigir a casa e os filhos. A questão é grave e merece ser estudada com attenção por todos os que se interessam pelo futuro da sociedade portugueza e pelo progresso moral do paiz.

O homem macaco no Porto

Pensa-se muito, actualmente, na educação da juventude e nos meios de a preparar para a vida. Não podemos esquecer que o ensino deve acompanhar a formação do caracter, e que a familia tem um papel essencial. As escolas estão a mudar, as ideias novas chegam de fóra, e as mães procuram conselho. Ha quem diga que a mulher moderna precisa de instrucção solida para bem dirigir a casa e os filhos. A questão é grave e merece ser estudada com attenção por todos os que se interessam pelo futuro da sociedade portugueza e pelo progresso moral do paiz.

A provincia n'A CAPITAL

Pensa-se muito, actualmente, na educação da juventude e nos meios de a preparar para a vida. Não podemos esquecer que o ensino deve acompanhar a formação do caracter, e que a familia tem um papel essencial. As escolas estão a mudar, as ideias novas chegam de fóra, e as mães procuram conselho. Ha quem diga que a mulher moderna precisa de instrucção solida para bem dirigir a casa e os filhos. A questão é grave e merece ser estudada com attenção por todos os que se interessam pelo futuro da sociedade portugueza e pelo progresso moral do paiz.

PARTE COMMERCIAL
Situação da praça
Londres, cheque	47 3/8
Londres, 90 d/v	47 3/4
Paris, cheque	8$6
Berlim, cheque	$2-10
Amsterdam, cheque	$4
Italia, cheque	$6
Bruxellas, cheque	8$6
Madrid, cheque	$36
New-York	1$25
Rio, Londres	16 1/4
Libra	5$010
Agio d'ouro	6 1/2

Pensa-se muito, actualmente, na educação da juventude e nos meios de a preparar para a vida. Não podemos esquecer que o ensino deve acompanhar a formação do caracter, e que a familia tem um papel essencial. As escolas estão a mudar, as ideias novas chegam de fóra, e as mães procuram conselho. Ha quem diga que a mulher moderna precisa de instrucção solida para bem dirigir a casa e os filhos. A questão é grave e merece ser estudada com attenção por todos os que se interessam pelo futuro da sociedade portugueza e pelo progresso moral do paiz.

Pensa-se muito, actualmente, na educação da juventude e nos meios de a preparar para a vida. Não podemos esquecer que o ensino deve acompanhar a formação do caracter, e que a familia tem um papel essencial. As escolas estão a mudar, as ideias novas chegam de fóra, e as mães procuram conselho. Ha quem diga que a mulher moderna precisa de instrucção solida para bem dirigir a casa e os filhos. A questão é grave e merece ser estudada com attenção por todos os que se interessam pelo futuro da sociedade portugueza e pelo progresso moral do paiz.

BOLSA DE LISBOA
A. da Costa Ivo
Corretor official
Transacções em fundos publicos, papeis de credito, bilhetes do thesouro, etc.
Rua Augusta, 24
Telephone 579 — 1.º r/c
